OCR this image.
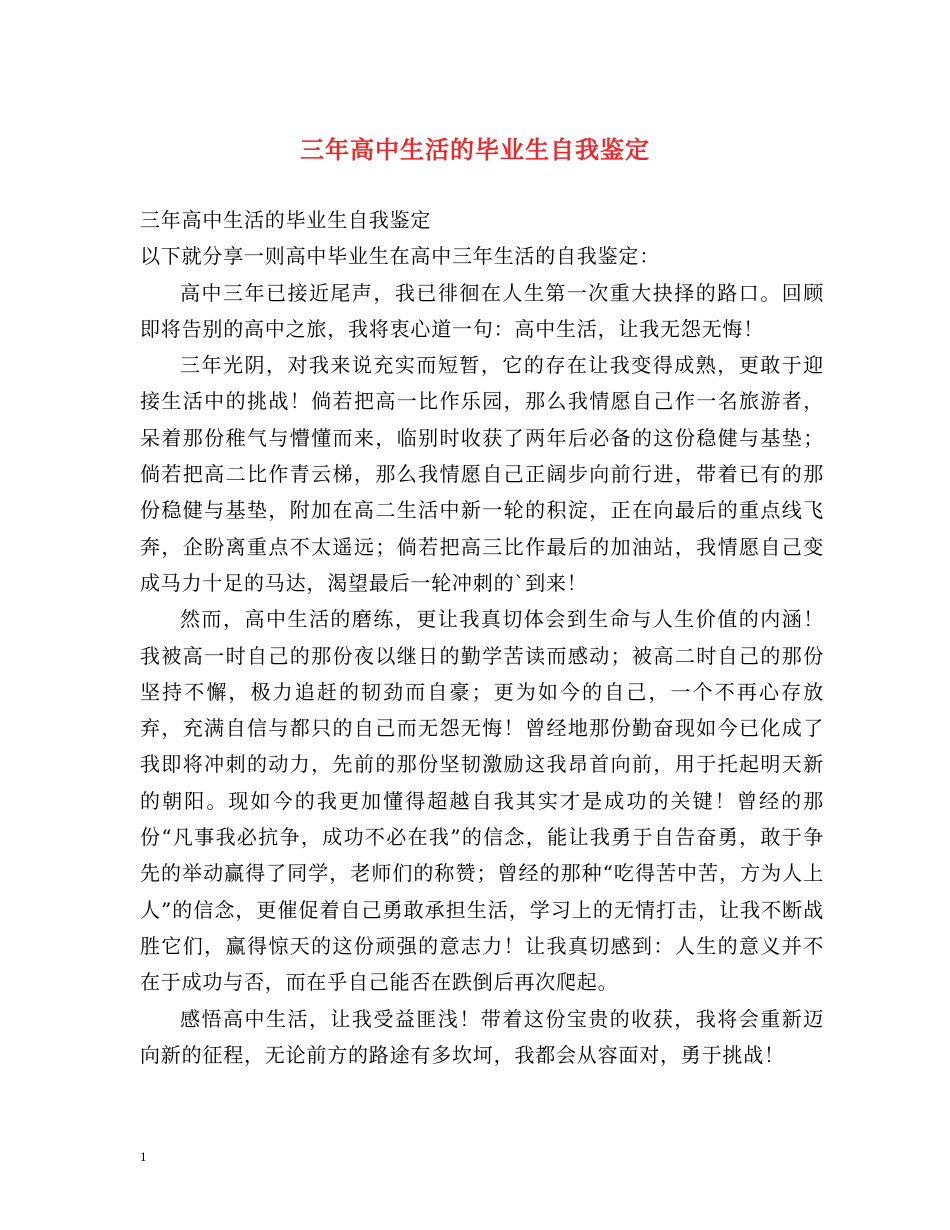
三年高中生活的毕业生自我鉴定

三年高中生活的毕业生自我鉴定

以下就分享一则高中毕业生在高中三年生活的自我鉴定：

高中三年已接近尾声，我已徘徊在人生第一次重大抉择的路口。回顾即将告别的高中之旅，我将衷心道一句：高中生活，让我无怨无悔！

三年光阴，对我来说充实而短暂，它的存在让我变得成熟，更敢于迎接生活中的挑战！倘若把高一比作乐园，那么我情愿自己作一名旅游者，呆着那份稚气与懵懂而来，临别时收获了两年后必备的这份稳健与基垫；倘若把高二比作青云梯，那么我情愿自己正阔步向前行进，带着已有的那份稳健与基垫，附加在高二生活中新一轮的积淀，正在向最后的重点线飞奔，企盼离重点不太遥远；倘若把高三比作最后的加油站，我情愿自己变成马力十足的马达，渴望最后一轮冲刺的`到来！

然而，高中生活的磨练，更让我真切体会到生命与人生价值的内涵！我被高一时自己的那份夜以继日的勤学苦读而感动；被高二时自己的那份坚持不懈，极力追赶的韧劲而自豪；更为如今的自己，一个不再心存放弃，充满自信与都只的自己而无怨无悔！曾经地那份勤奋现如今已化成了我即将冲刺的动力，先前的那份坚韧激励这我昂首向前，用于托起明天新的朝阳。现如今的我更加懂得超越自我其实才是成功的关键！曾经的那份“凡事我必抗争，成功不必在我”的信念，能让我勇于自告奋勇，敢于争先的举动赢得了同学，老师们的称赞；曾经的那种“吃得苦中苦，方为人上人”的信念，更催促着自己勇敢承担生活，学习上的无情打击，让我不断战胜它们，赢得惊天的这份顽强的意志力！让我真切感到：人生的意义并不在于成功与否，而在乎自己能否在跌倒后再次爬起。

感悟高中生活，让我受益匪浅！带着这份宝贵的收获，我将会重新迈向新的征程，无论前方的路途有多坎坷，我都会从容面对，勇于挑战！

1
